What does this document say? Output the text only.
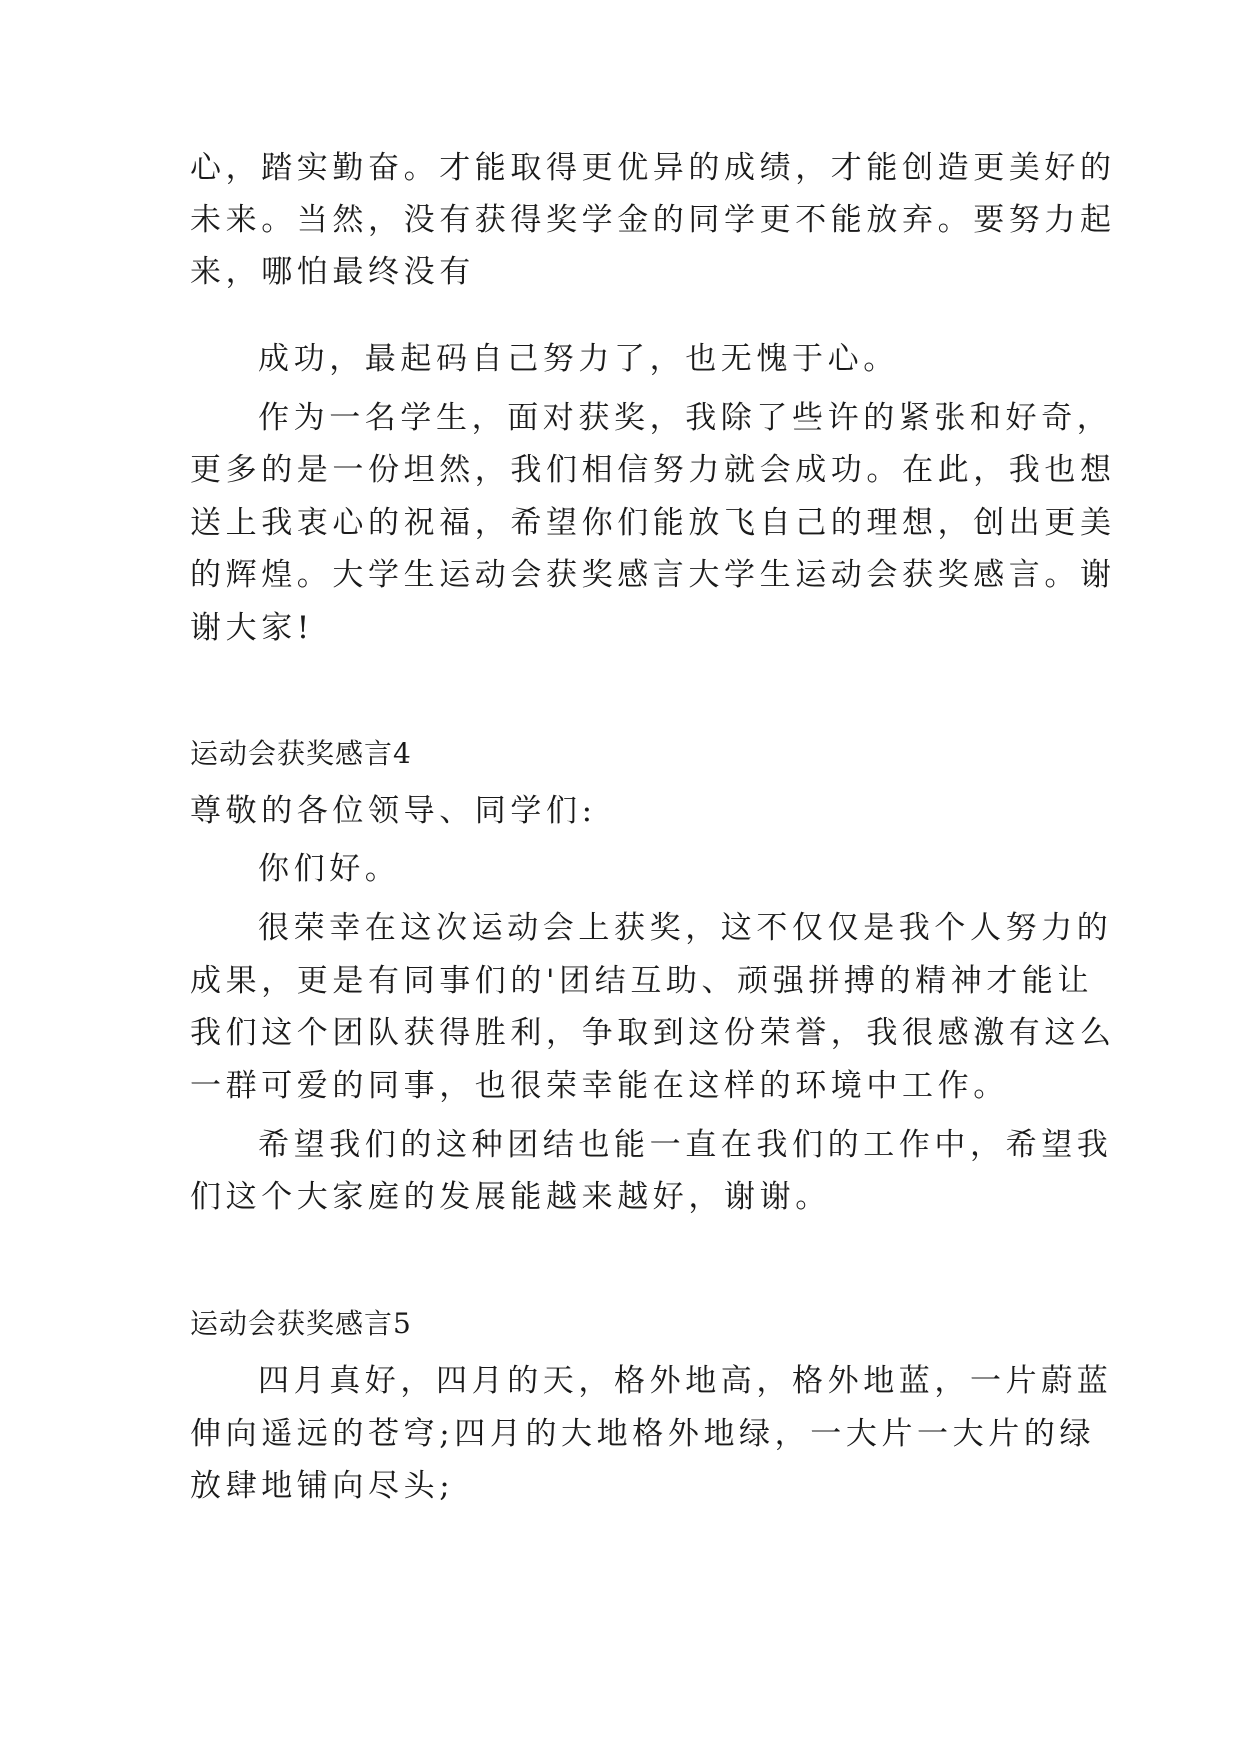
心，踏实勤奋。才能取得更优异的成绩，才能创造更美好的
未来。当然，没有获得奖学金的同学更不能放弃。要努力起
来，哪怕最终没有
成功，最起码自己努力了，也无愧于心。
作为一名学生，面对获奖，我除了些许的紧张和好奇，
更多的是一份坦然，我们相信努力就会成功。在此，我也想
送上我衷心的祝福，希望你们能放飞自己的理想，创出更美
的辉煌。大学生运动会获奖感言大学生运动会获奖感言。谢
谢大家!
运动会获奖感言4
尊敬的各位领导、同学们:
你们好。
很荣幸在这次运动会上获奖，这不仅仅是我个人努力的
成果，更是有同事们的'团结互助、顽强拼搏的精神才能让
我们这个团队获得胜利，争取到这份荣誉，我很感激有这么
一群可爱的同事，也很荣幸能在这样的环境中工作。
希望我们的这种团结也能一直在我们的工作中，希望我
们这个大家庭的发展能越来越好，谢谢。
运动会获奖感言5
四月真好，四月的天，格外地高，格外地蓝，一片蔚蓝
伸向遥远的苍穹;四月的大地格外地绿，一大片一大片的绿
放肆地铺向尽头;
